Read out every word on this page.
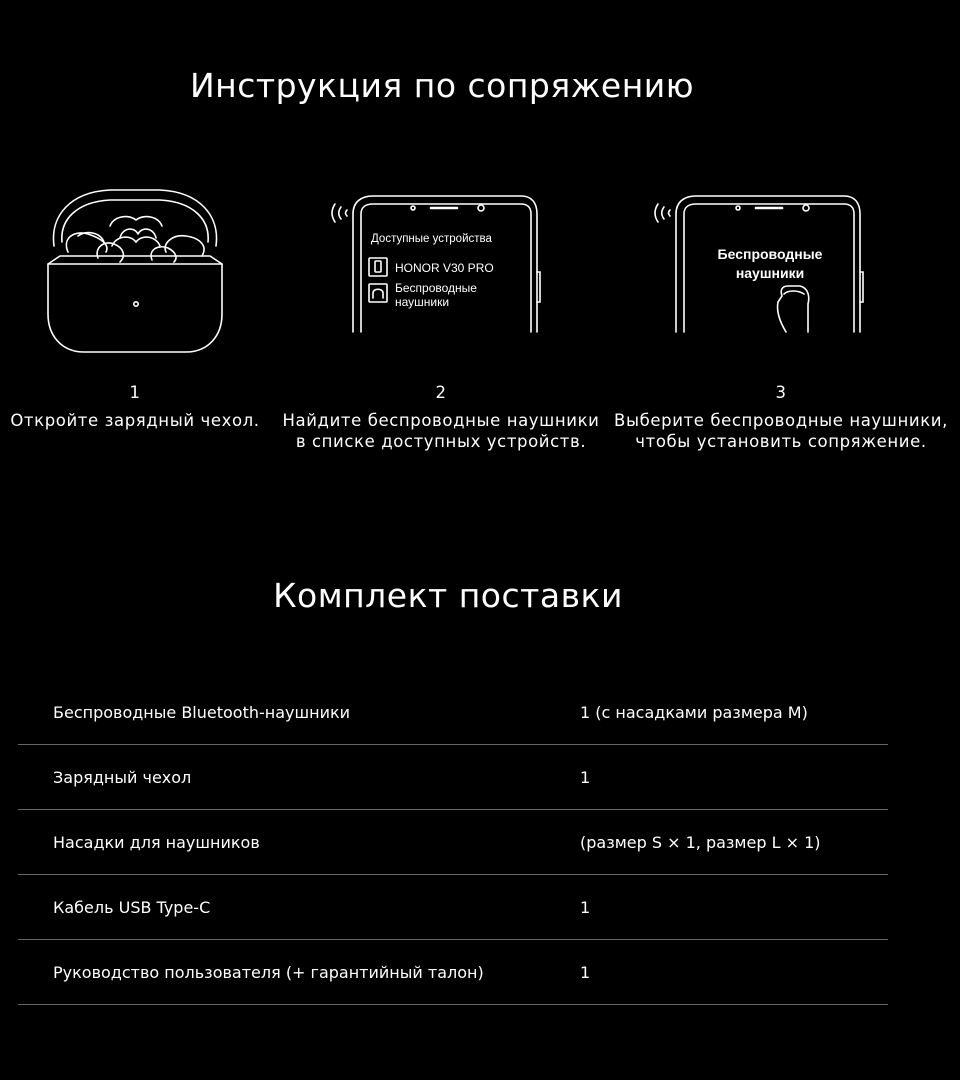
Инструкция по сопряжению
Доступные устройства
HONOR V30 PRO
Беспроводные
наушники
Беспроводные
наушники
1
Откройте зарядный чехол.
2
Найдите беспроводные наушники
в списке доступных устройств.
3
Выберите беспроводные наушники,
чтобы установить сопряжение.
Комплект поставки
Беспроводные Bluetooth-наушники	1 (с насадками размера M)
Зарядный чехол	1
Насадки для наушников	(размер S × 1, размер L × 1)
Кабель USB Type-C	1
Руководство пользователя (+ гарантийный талон)	1
